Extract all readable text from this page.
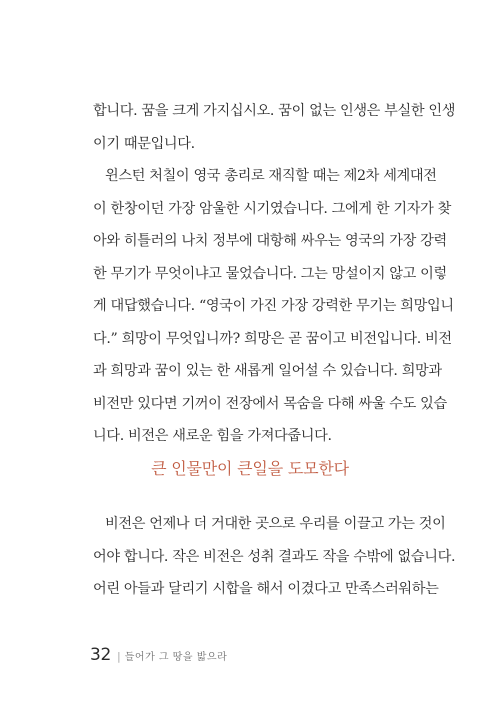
합니다. 꿈을 크게 가지십시오. 꿈이 없는 인생은 부실한 인생
이기 때문입니다.
윈스턴 처칠이 영국 총리로 재직할 때는 제2차 세계대전
이 한창이던 가장 암울한 시기였습니다. 그에게 한 기자가 찾
아와 히틀러의 나치 정부에 대항해 싸우는 영국의 가장 강력
한 무기가 무엇이냐고 물었습니다. 그는 망설이지 않고 이렇
게 대답했습니다. “영국이 가진 가장 강력한 무기는 희망입니
다.” 희망이 무엇입니까? 희망은 곧 꿈이고 비전입니다. 비전
과 희망과 꿈이 있는 한 새롭게 일어설 수 있습니다. 희망과
비전만 있다면 기꺼이 전장에서 목숨을 다해 싸울 수도 있습
니다. 비전은 새로운 힘을 가져다줍니다.
큰 인물만이 큰일을 도모한다
비전은 언제나 더 거대한 곳으로 우리를 이끌고 가는 것이
어야 합니다. 작은 비전은 성취 결과도 작을 수밖에 없습니다.
어린 아들과 달리기 시합을 해서 이겼다고 만족스러워하는
32 | 들어가 그 땅을 밟으라
